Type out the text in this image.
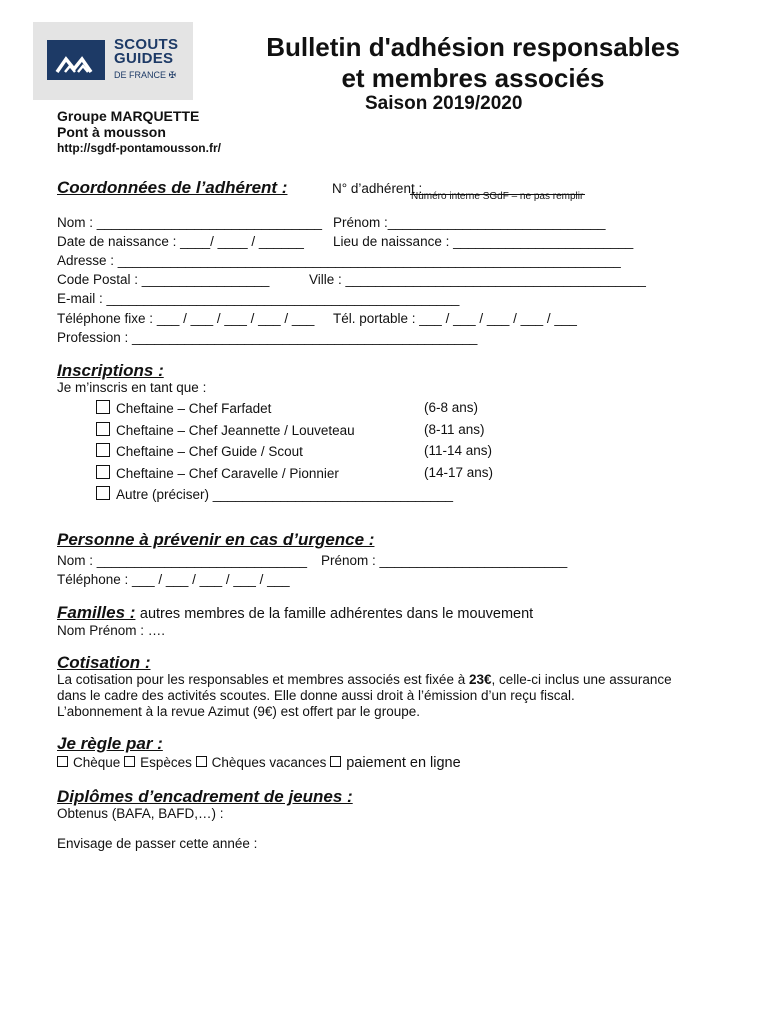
SCOUTS
GUIDES
DE FRANCE ✠
Bulletin d'adhésion responsables
et membres associés
Saison 2019/2020
Groupe MARQUETTE
Pont à mousson
http://sgdf-pontamousson.fr/
Coordonnées de l’adhérent :	N° d’adhérent :
Numéro interne SGdF – ne pas remplir
Nom : ______________________________ Prénom :_____________________________
Date de naissance : ____/ ____ / ______ Lieu de naissance : ________________________
Adresse : ___________________________________________________________________
Code Postal : _________________	Ville : ________________________________________
E-mail : _______________________________________________
Téléphone fixe : ___ / ___ / ___ / ___ / ___ Tél. portable : ___ / ___ / ___ / ___ / ___
Profession : ______________________________________________
Inscriptions :
Je m’inscris en tant que :
Cheftaine – Chef Farfadet	(6-8 ans)
Cheftaine – Chef Jeannette / Louveteau	(8-11 ans)
Cheftaine – Chef Guide / Scout	(11-14 ans)
Cheftaine – Chef Caravelle / Pionnier	(14-17 ans)
Autre (préciser) ________________________________
Personne à prévenir en cas d’urgence :
Nom : ____________________________ Prénom : _________________________
Téléphone : ___ / ___ / ___ / ___ / ___
Familles : autres membres de la famille adhérentes dans le mouvement
Nom Prénom : ….
Cotisation :
La cotisation pour les responsables et membres associés est fixée à 23€, celle-ci inclus une assurance
dans le cadre des activités scoutes. Elle donne aussi droit à l’émission d’un reçu fiscal.
L’abonnement à la revue Azimut (9€) est offert par le groupe.
Je règle par :
Chèque Espèces Chèques vacances paiement en ligne
Diplômes d’encadrement de jeunes :
Obtenus (BAFA, BAFD,…) :
Envisage de passer cette année :
